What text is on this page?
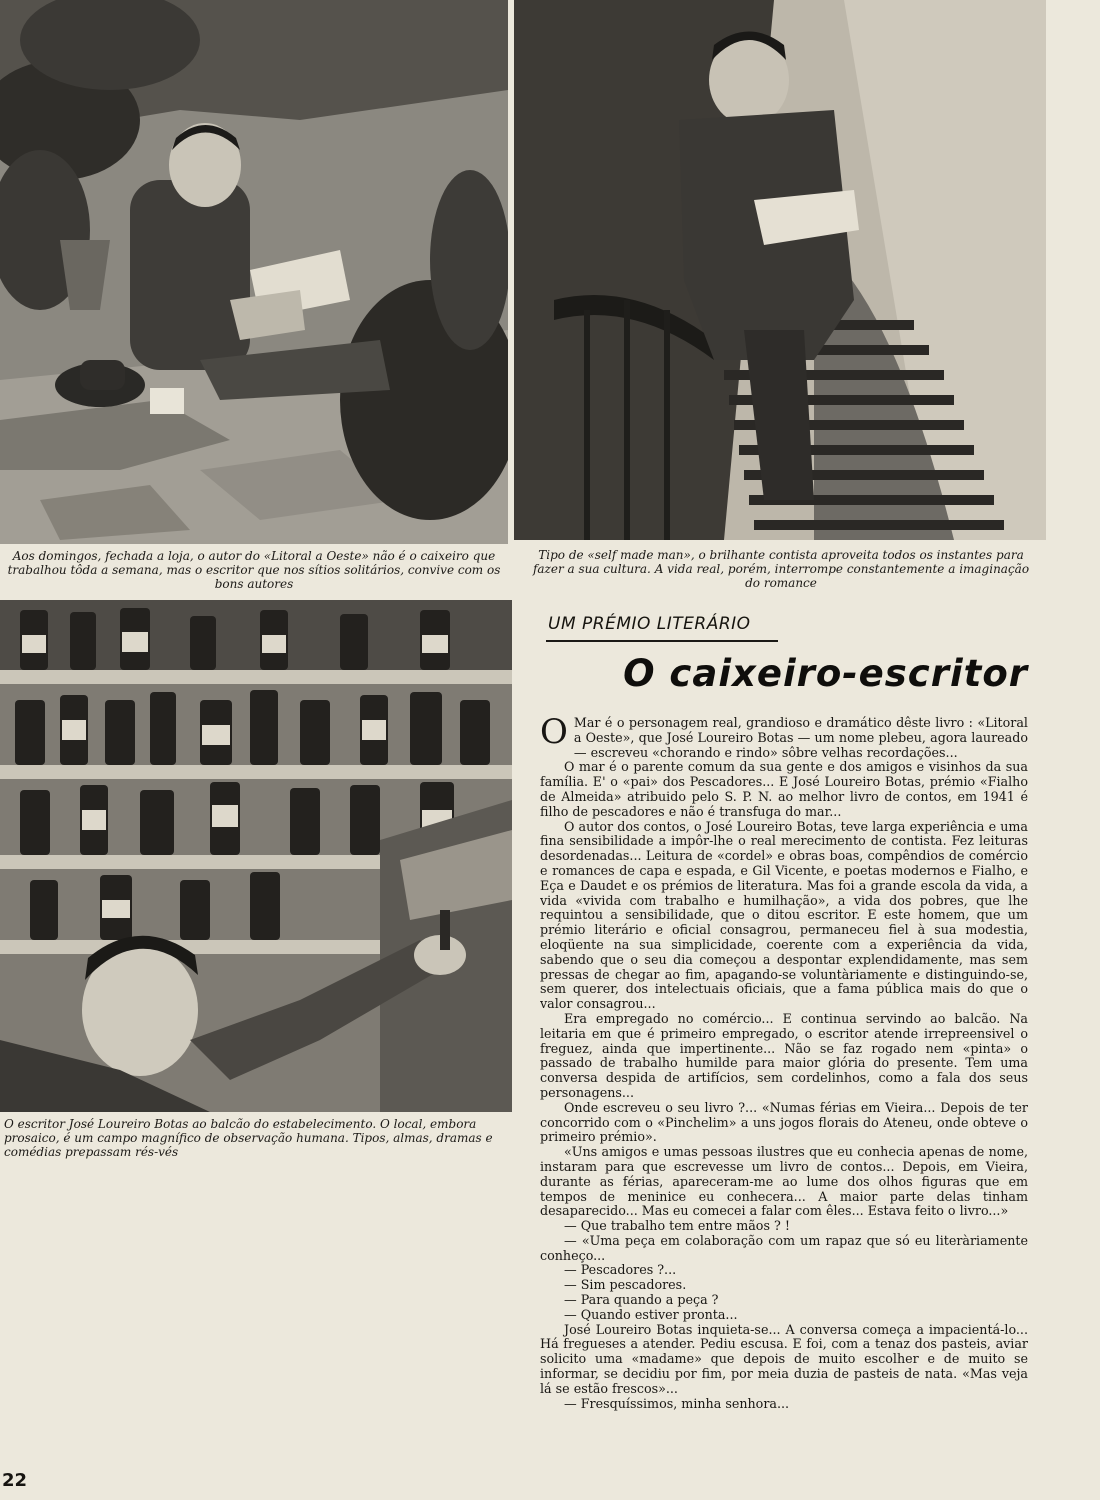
Aos domingos, fechada a loja, o autor do «Litoral a Oeste» não é o caixeiro que trabalhou tôda a semana, mas o escritor que nos sítios solitários, convive com os bons autores

Tipo de «self made man», o brilhante contista aproveita todos os instantes para fazer a sua cultura. A vida real, porém, interrompe constantemente a imaginação do romance

O escritor José Loureiro Botas ao balcão do estabelecimento. O local, embora prosaico, é um campo magnífico de observação humana. Tipos, almas, dramas e comédias prepassam rés-vés

UM PRÉMIO LITERÁRIO

O caixeiro-escritor

O Mar é o personagem real, grandioso e dramático dêste livro : «Litoral a Oeste», que José Loureiro Botas — um nome plebeu, agora laureado — escreveu «chorando e rindo» sôbre velhas recordações...

O mar é o parente comum da sua gente e dos amigos e visinhos da sua família. E' o «pai» dos Pescadores... E José Loureiro Botas, prémio «Fialho de Almeida» atribuido pelo S. P. N. ao melhor livro de contos, em 1941 é filho de pescadores e não é transfuga do mar...

O autor dos contos, o José Loureiro Botas, teve larga experiência e uma fina sensibilidade a impôr-lhe o real merecimento de contista. Fez leituras desordenadas... Leitura de «cordel» e obras boas, compêndios de comércio e romances de capa e espada, e Gil Vicente, e poetas modernos e Fialho, e Eça e Daudet e os prémios de literatura. Mas foi a grande escola da vida, a vida «vivida com trabalho e humilhação», a vida dos pobres, que lhe requintou a sensibilidade, que o ditou escritor. E este homem, que um prémio literário e oficial consagrou, permaneceu fiel à sua modestia, eloqüente na sua simplicidade, coerente com a experiência da vida, sabendo que o seu dia começou a despontar explendidamente, mas sem pressas de chegar ao fim, apagando-se voluntàriamente e distinguindo-se, sem querer, dos intelectuais oficiais, que a fama pública mais do que o valor consagrou...

Era empregado no comércio... E continua servindo ao balcão. Na leitaria em que é primeiro empregado, o escritor atende irrepreensivel o freguez, ainda que impertinente... Não se faz rogado nem «pinta» o passado de trabalho humilde para maior glória do presente. Tem uma conversa despida de artifícios, sem cordelinhos, como a fala dos seus personagens...

Onde escreveu o seu livro ?... «Numas férias em Vieira... Depois de ter concorrido com o «Pinchelim» a uns jogos florais do Ateneu, onde obteve o primeiro prémio».

«Uns amigos e umas pessoas ilustres que eu conhecia apenas de nome, instaram para que escrevesse um livro de contos... Depois, em Vieira, durante as férias, apareceram-me ao lume dos olhos figuras que em tempos de meninice eu conhecera... A maior parte delas tinham desaparecido... Mas eu comecei a falar com êles... Estava feito o livro...»

— Que trabalho tem entre mãos ? !

— «Uma peça em colaboração com um rapaz que só eu literàriamente conheço...

— Pescadores ?...

— Sim pescadores.

— Para quando a peça ?

— Quando estiver pronta...

José Loureiro Botas inquieta-se... A conversa começa a impacientá-lo... Há fregueses a atender. Pediu escusa. E foi, com a tenaz dos pasteis, aviar solicito uma «madame» que depois de muito escolher e de muito se informar, se decidiu por fim, por meia duzia de pasteis de nata. «Mas veja lá se estão frescos»...

— Fresquíssimos, minha senhora...

22
